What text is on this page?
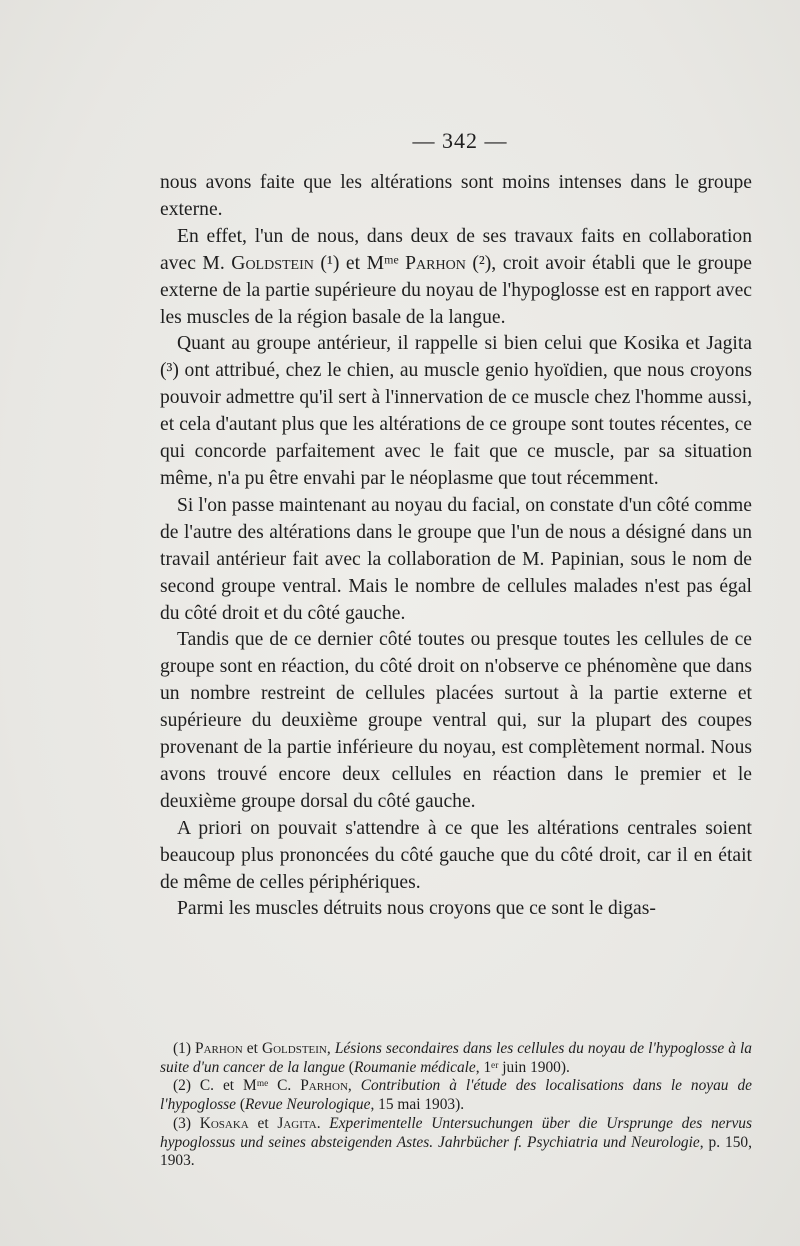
— 342 —

nous avons faite que les altérations sont moins intenses dans le groupe externe.

En effet, l'un de nous, dans deux de ses travaux faits en collaboration avec M. Goldstein (¹) et Mᵐᵉ Parhon (²), croit avoir établi que le groupe externe de la partie supérieure du noyau de l'hypoglosse est en rapport avec les muscles de la région basale de la langue.

Quant au groupe antérieur, il rappelle si bien celui que Kosika et Jagita (³) ont attribué, chez le chien, au muscle genio hyoïdien, que nous croyons pouvoir admettre qu'il sert à l'innervation de ce muscle chez l'homme aussi, et cela d'autant plus que les altérations de ce groupe sont toutes récentes, ce qui concorde parfaitement avec le fait que ce muscle, par sa situation même, n'a pu être envahi par le néoplasme que tout récemment.

Si l'on passe maintenant au noyau du facial, on constate d'un côté comme de l'autre des altérations dans le groupe que l'un de nous a désigné dans un travail antérieur fait avec la collaboration de M. Papinian, sous le nom de second groupe ventral. Mais le nombre de cellules malades n'est pas égal du côté droit et du côté gauche.

Tandis que de ce dernier côté toutes ou presque toutes les cellules de ce groupe sont en réaction, du côté droit on n'observe ce phénomène que dans un nombre restreint de cellules placées surtout à la partie externe et supérieure du deuxième groupe ventral qui, sur la plupart des coupes provenant de la partie inférieure du noyau, est complètement normal. Nous avons trouvé encore deux cellules en réaction dans le premier et le deuxième groupe dorsal du côté gauche.

A priori on pouvait s'attendre à ce que les altérations centrales soient beaucoup plus prononcées du côté gauche que du côté droit, car il en était de même de celles périphériques.

Parmi les muscles détruits nous croyons que ce sont le digas-

(1) Parhon et Goldstein, Lésions secondaires dans les cellules du noyau de l'hypoglosse à la suite d'un cancer de la langue (Roumanie médicale, 1ᵉʳ juin 1900).

(2) C. et Mᵐᵉ C. Parhon, Contribution à l'étude des localisations dans le noyau de l'hypoglosse (Revue Neurologique, 15 mai 1903).

(3) Kosaka et Jagita. Experimentelle Untersuchungen über die Ursprunge des nervus hypoglossus und seines absteigenden Astes. Jahrbücher f. Psychiatria und Neurologie, p. 150, 1903.
